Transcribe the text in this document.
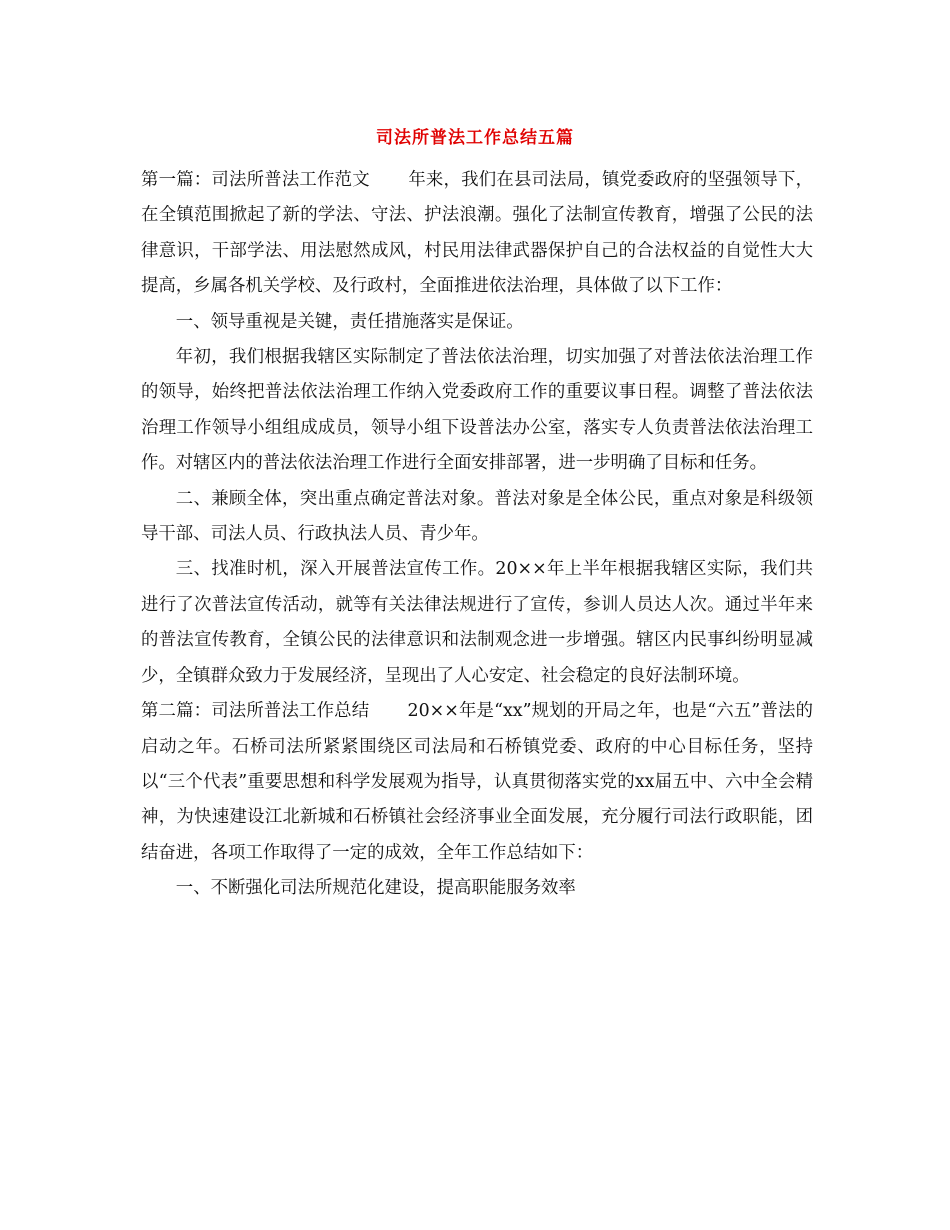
司法所普法工作总结五篇

第一篇：司法所普法工作范文 年来，我们在县司法局，镇党委政府的坚强领导下，在全镇范围掀起了新的学法、守法、护法浪潮。强化了法制宣传教育，增强了公民的法律意识，干部学法、用法慰然成风，村民用法律武器保护自己的合法权益的自觉性大大提高，乡属各机关学校、及行政村，全面推进依法治理，具体做了以下工作：

一、领导重视是关键，责任措施落实是保证。

年初，我们根据我辖区实际制定了普法依法治理，切实加强了对普法依法治理工作的领导，始终把普法依法治理工作纳入党委政府工作的重要议事日程。调整了普法依法治理工作领导小组组成成员，领导小组下设普法办公室，落实专人负责普法依法治理工作。对辖区内的普法依法治理工作进行全面安排部署，进一步明确了目标和任务。

二、兼顾全体，突出重点确定普法对象。普法对象是全体公民，重点对象是科级领导干部、司法人员、行政执法人员、青少年。

三、找准时机，深入开展普法宣传工作。20××年上半年根据我辖区实际，我们共进行了次普法宣传活动，就等有关法律法规进行了宣传，参训人员达人次。通过半年来的普法宣传教育，全镇公民的法律意识和法制观念进一步增强。辖区内民事纠纷明显减少，全镇群众致力于发展经济，呈现出了人心安定、社会稳定的良好法制环境。

第二篇：司法所普法工作总结 20××年是“xx”规划的开局之年，也是“六五”普法的启动之年。石桥司法所紧紧围绕区司法局和石桥镇党委、政府的中心目标任务，坚持以“三个代表”重要思想和科学发展观为指导，认真贯彻落实党的xx届五中、六中全会精神，为快速建设江北新城和石桥镇社会经济事业全面发展，充分履行司法行政职能，团结奋进，各项工作取得了一定的成效，全年工作总结如下：

一、不断强化司法所规范化建设，提高职能服务效率
